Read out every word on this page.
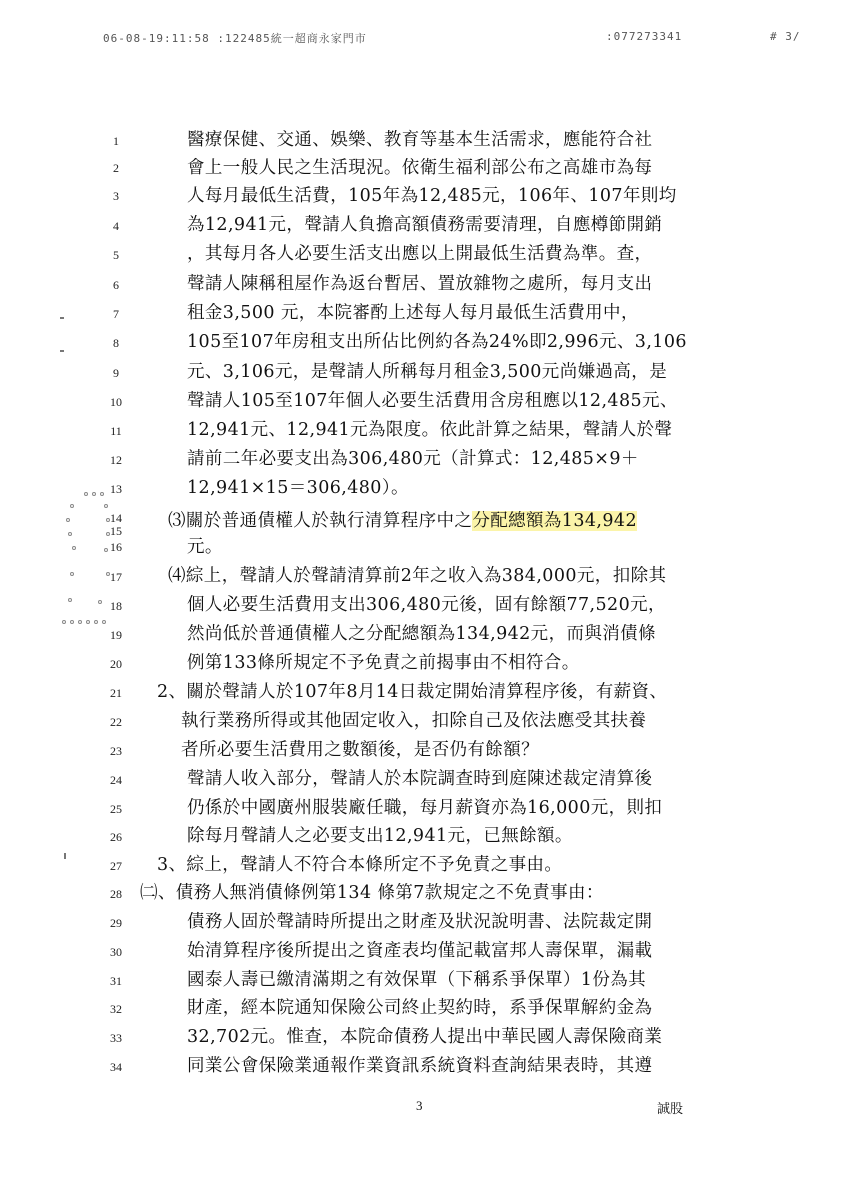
06-08-19:11:58 :122485統一超商永家門市	:077273341	# 3/
1
2
3
4
5
6
7
8
9
10
11
12
13
14
15
16
17
18
19
20
21
22
23
24
25
26
27
28
29
30
31
32
33
34
醫療保健、交通、娛樂、教育等基本生活需求，應能符合社
會上一般人民之生活現況。依衛生福利部公布之高雄市為每
人每月最低生活費，105年為12,485元，106年、107年則均
為12,941元，聲請人負擔高額債務需要清理，自應樽節開銷
，其每月各人必要生活支出應以上開最低生活費為準。查，
聲請人陳稱租屋作為返台暫居、置放雜物之處所，每月支出
租金3,500 元，本院審酌上述每人每月最低生活費用中，
105至107年房租支出所佔比例約各為24%即2,996元、3,106
元、3,106元，是聲請人所稱每月租金3,500元尚嫌過高，是
聲請人105至107年個人必要生活費用含房租應以12,485元、
12,941元、12,941元為限度。依此計算之結果，聲請人於聲
請前二年必要支出為306,480元（計算式：12,485×9＋
12,941×15＝306,480）。
⑶關於普通債權人於執行清算程序中之分配總額為134,942
元。
⑷綜上，聲請人於聲請清算前2年之收入為384,000元，扣除其
個人必要生活費用支出306,480元後，固有餘額77,520元，
然尚低於普通債權人之分配總額為134,942元，而與消債條
例第133條所規定不予免責之前揭事由不相符合。
2、關於聲請人於107年8月14日裁定開始清算程序後，有薪資、
執行業務所得或其他固定收入，扣除自己及依法應受其扶養
者所必要生活費用之數額後，是否仍有餘額？
聲請人收入部分，聲請人於本院調查時到庭陳述裁定清算後
仍係於中國廣州服裝廠任職，每月薪資亦為16,000元，則扣
除每月聲請人之必要支出12,941元，已無餘額。
3、綜上，聲請人不符合本條所定不予免責之事由。
㈡、債務人無消債條例第134 條第7款規定之不免責事由：
債務人固於聲請時所提出之財產及狀況說明書、法院裁定開
始清算程序後所提出之資產表均僅記載富邦人壽保單，漏載
國泰人壽已繳清滿期之有效保單（下稱系爭保單）1份為其
財產，經本院通知保險公司終止契約時，系爭保單解約金為
32,702元。惟查，本院命債務人提出中華民國人壽保險商業
同業公會保險業通報作業資訊系統資料查詢結果表時，其遵
3	誠股
